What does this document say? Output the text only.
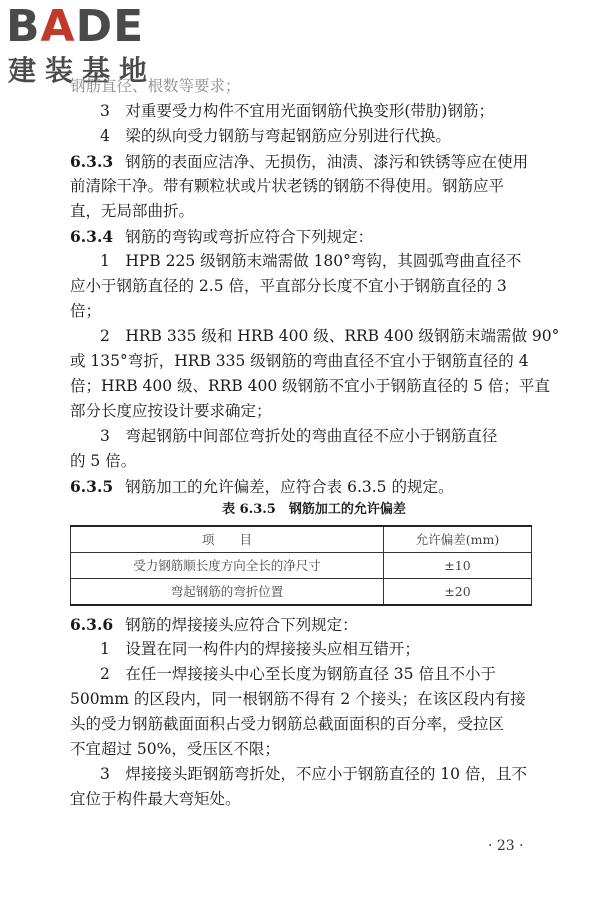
BADE
建装基地
钢筋直径、根数等要求；
3　对重要受力构件不宜用光面钢筋代换变形(带肋)钢筋；
4　梁的纵向受力钢筋与弯起钢筋应分别进行代换。
6.3.3 钢筋的表面应洁净、无损伤，油渍、漆污和铁锈等应在使用
前清除干净。带有颗粒状或片状老锈的钢筋不得使用。钢筋应平
直，无局部曲折。
6.3.4 钢筋的弯钩或弯折应符合下列规定：
1　HPB 225 级钢筋末端需做 180°弯钩，其圆弧弯曲直径不
应小于钢筋直径的 2.5 倍，平直部分长度不宜小于钢筋直径的 3
倍；
2　HRB 335 级和 HRB 400 级、RRB 400 级钢筋末端需做 90°
或 135°弯折，HRB 335 级钢筋的弯曲直径不宜小于钢筋直径的 4
倍；HRB 400 级、RRB 400 级钢筋不宜小于钢筋直径的 5 倍；平直
部分长度应按设计要求确定；
3　弯起钢筋中间部位弯折处的弯曲直径不应小于钢筋直径
的 5 倍。
6.3.5 钢筋加工的允许偏差，应符合表 6.3.5 的规定。
表 6.3.5　钢筋加工的允许偏差
项　　目	允许偏差(mm)
受力钢筋顺长度方向全长的净尺寸	±10
弯起钢筋的弯折位置	±20
6.3.6 钢筋的焊接接头应符合下列规定：
1　设置在同一构件内的焊接接头应相互错开；
2　在任一焊接接头中心至长度为钢筋直径 35 倍且不小于
500mm 的区段内，同一根钢筋不得有 2 个接头；在该区段内有接
头的受力钢筋截面面积占受力钢筋总截面面积的百分率，受拉区
不宜超过 50%，受压区不限；
3　焊接接头距钢筋弯折处，不应小于钢筋直径的 10 倍，且不
宜位于构件最大弯矩处。
· 23 ·
